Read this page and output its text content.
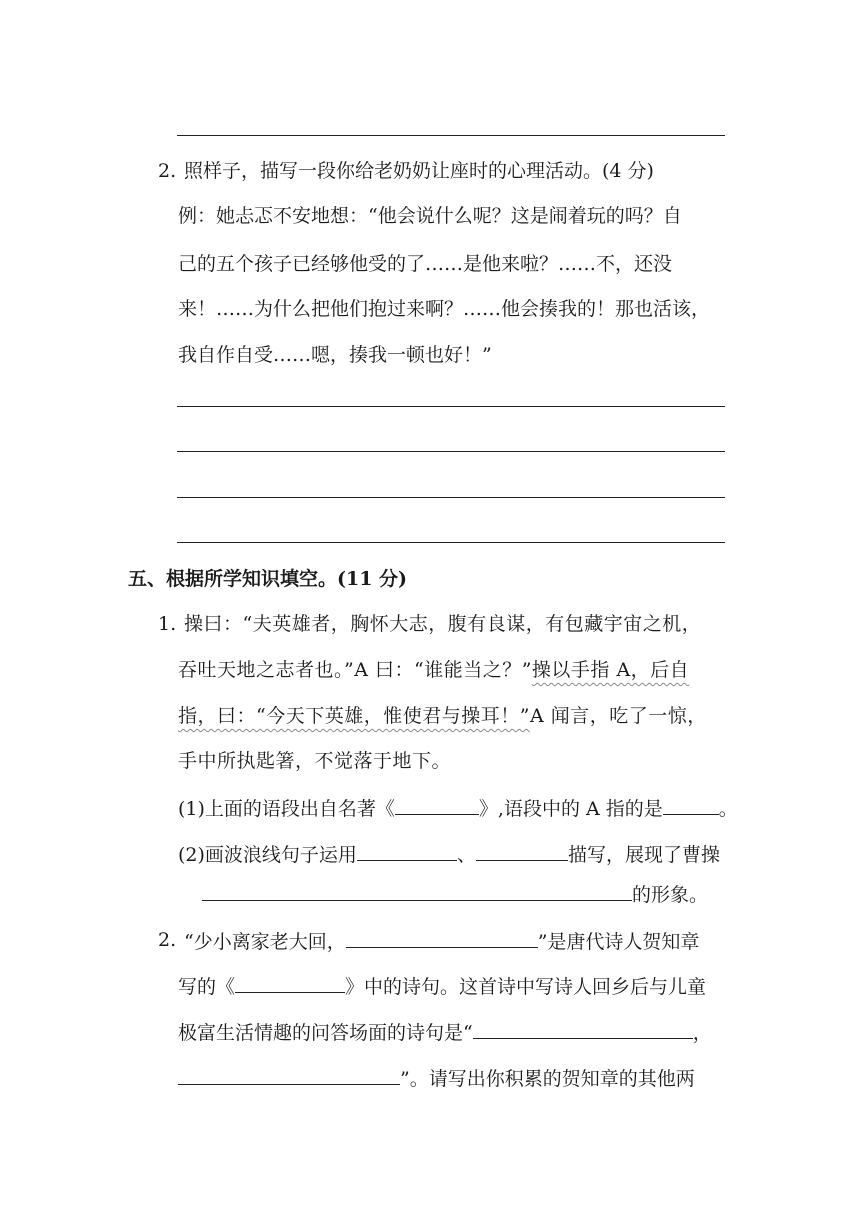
2. 照样子，描写一段你给老奶奶让座时的心理活动。(4 分)
例：她忐忑不安地想：“他会说什么呢？这是闹着玩的吗？自
己的五个孩子已经够他受的了……是他来啦？……不，还没
来！……为什么把他们抱过来啊？……他会揍我的！那也活该，
我自作自受……嗯，揍我一顿也好！”
五、根据所学知识填空。(11 分)
1. 操曰：“夫英雄者，胸怀大志，腹有良谋，有包藏宇宙之机，
吞吐天地之志者也。”A 曰：“谁能当之？”操以手指 A，后自
指，曰：“今天下英雄，惟使君与操耳！”A 闻言，吃了一惊，
手中所执匙箸，不觉落于地下。
(1)上面的语段出自名著《	》,语段中的 A 指的是	。
(2)画波浪线句子运用	、	描写，展现了曹操
的形象。
2. “少小离家老大回，	”是唐代诗人贺知章
写的《	》中的诗句。这首诗中写诗人回乡后与儿童
极富生活情趣的问答场面的诗句是“	，
”。请写出你积累的贺知章的其他两
